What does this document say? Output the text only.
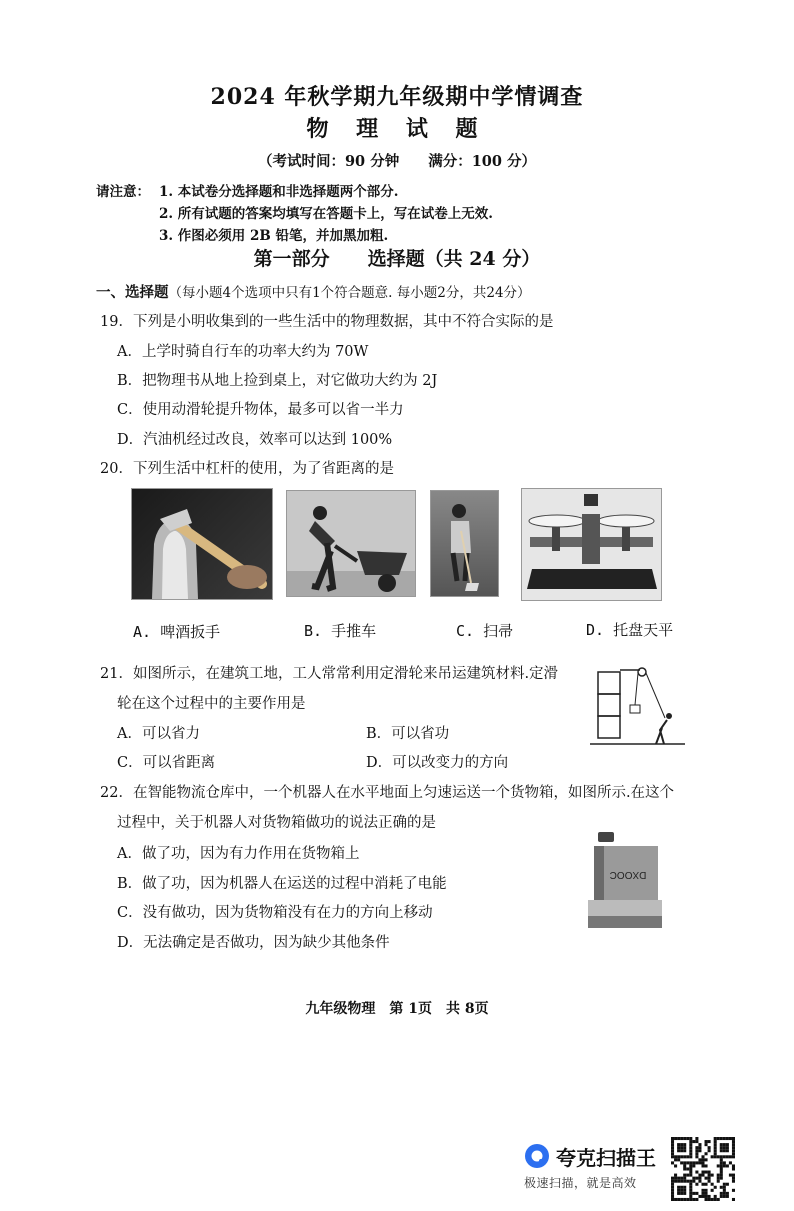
2024 年秋学期九年级期中学情调查
物 理 试 题
（考试时间：90 分钟　　满分：100 分）
请注意： 1. 本试卷分选择题和非选择题两个部分.
2. 所有试题的答案均填写在答题卡上，写在试卷上无效.
3. 作图必须用 2B 铅笔，并加黑加粗.
第一部分　　选择题（共 24 分）
一、选择题（每小题4个选项中只有1个符合题意. 每小题2分，共24分）
19．下列是小明收集到的一些生活中的物理数据，其中不符合实际的是
A．上学时骑自行车的功率大约为 70W
B．把物理书从地上捡到桌上，对它做功大约为 2J
C．使用动滑轮提升物体，最多可以省一半力
D．汽油机经过改良，效率可以达到 100%
20．下列生活中杠杆的使用，为了省距离的是
A. 啤酒扳手	B. 手推车	C. 扫帚	D. 托盘天平
21．如图所示，在建筑工地，工人常常利用定滑轮来吊运建筑材料.定滑
轮在这个过程中的主要作用是
A．可以省力	B．可以省功
C．可以省距离	D．可以改变力的方向
22．在智能物流仓库中，一个机器人在水平地面上匀速运送一个货物箱，如图所示.在这个
过程中，关于机器人对货物箱做功的说法正确的是
A．做了功，因为有力作用在货物箱上
B．做了功，因为机器人在运送的过程中消耗了电能
C．没有做功，因为货物箱没有在力的方向上移动
D．无法确定是否做功，因为缺少其他条件
DXOOC
九年级物理　第 1页　共 8页
夸克扫描王
极速扫描，就是高效
